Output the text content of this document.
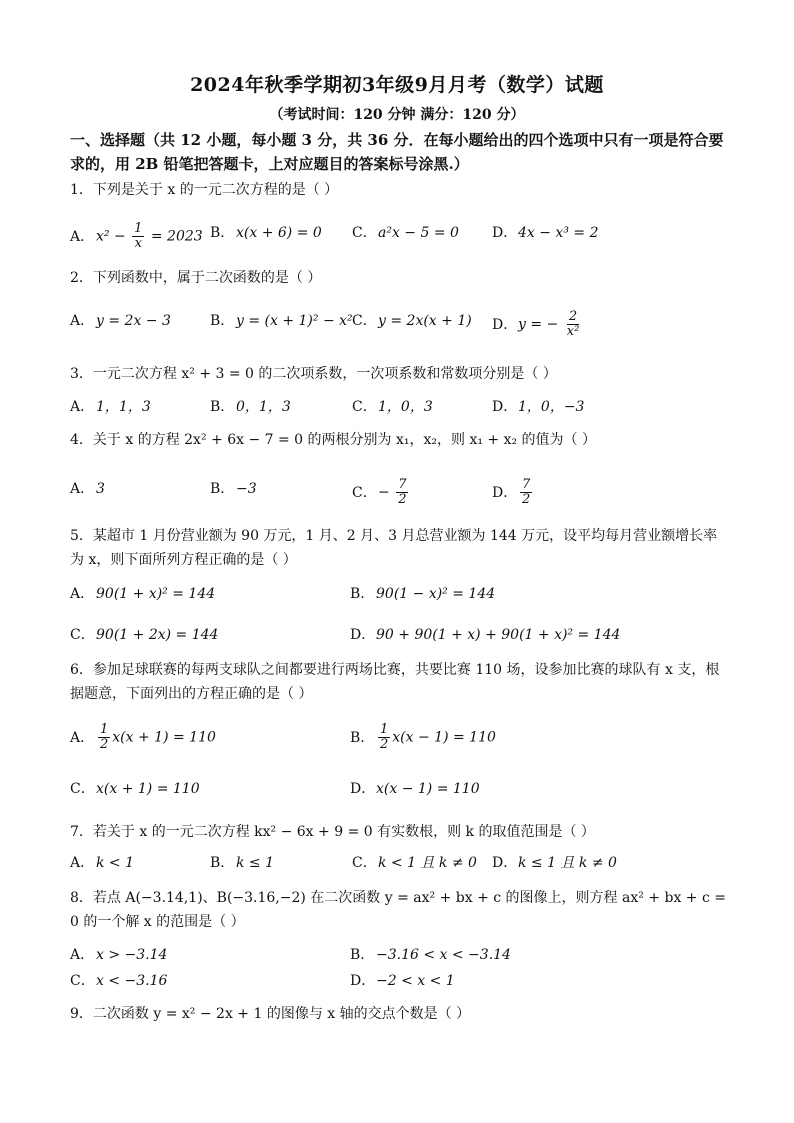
2024年秋季学期初3年级9月月考（数学）试题
（考试时间：120 分钟 满分：120 分）
一、选择题（共 12 小题，每小题 3 分，共 36 分．在每小题给出的四个选项中只有一项是符合要求的，用 2B 铅笔把答题卡，上对应题目的答案标号涂黑.）
1．下列是关于 x 的一元二次方程的是（ ）
A． $x^2 - \frac{1}{x} = 2023$ B． x(x + 6) = 0 C．a²x − 5 = 0 D．4x − x³ = 2
2．下列函数中，属于二次函数的是（ ）
A． y = 2x − 3	B． y = (x + 1)² − x² C．y = 2x(x + 1) D．y = − $\frac{2}{\text{x²}}$
3．一元二次方程 x² + 3 = 0 的二次项系数，一次项系数和常数项分别是（ ）
A． 1，1，3	B． 0，1，3	C．1，0，3	D．1，0，−3
4．关于 x 的方程 2x² + 6x − 7 = 0 的两根分别为 x₁，x₂，则 x₁ + x₂ 的值为（ ）
A． 3	B． −3	C．− $\frac{7}{2}$	D． $\frac{7}{2}$
5．某超市 1 月份营业额为 90 万元，1 月、2 月、3 月总营业额为 144 万元，设平均每月营业额增长率为 x，则下面所列方程正确的是（ ）
A． 90(1 + x)² = 144	B． 90(1 − x)² = 144
C．90(1 + 2x) = 144	D．90 + 90(1 + x) + 90(1 + x)² = 144
6．参加足球联赛的每两支球队之间都要进行两场比赛，共要比赛 110 场，设参加比赛的球队有 x 支，根据题意，下面列出的方程正确的是（ ）
A． $\frac{1}{2} x(x + 1) = 110$	B． $\frac{1}{2} x(x - 1) = 110$
C．x(x + 1) = 110	D．x(x − 1) = 110
7．若关于 x 的一元二次方程 kx² − 6x + 9 = 0 有实数根，则 k 的取值范围是（ ）
A． k < 1	B． k ≤ 1	C．k < 1 且 k ≠ 0 D．k ≤ 1 且 k ≠ 0
8．若点 A(−3.14,1)、B(−3.16,−2) 在二次函数 y = ax² + bx + c 的图像上，则方程 ax² + bx + c = 0 的一个解 x 的范围是（ ）
A． x > −3.14	B． −3.16 < x < −3.14
C．x < −3.16	D．−2 < x < 1
9．二次函数 y = x² − 2x + 1 的图像与 x 轴的交点个数是（ ）
